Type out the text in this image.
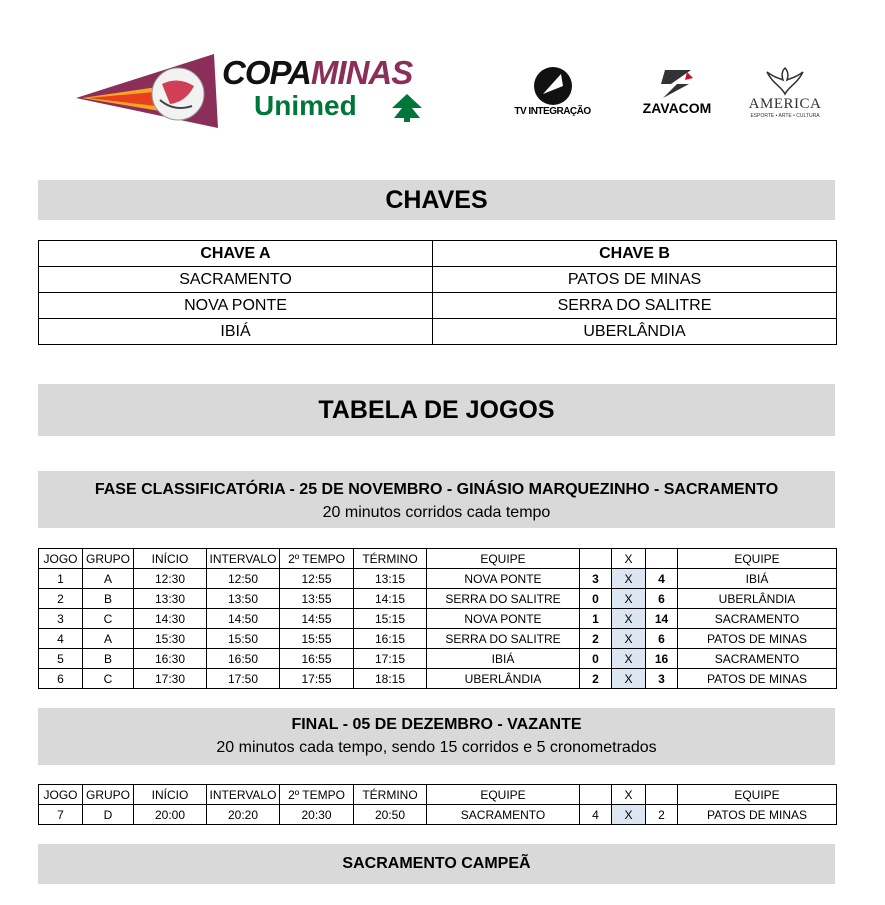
COPAMINAS
Unimed	TV INTEGRAÇÃO	ZAVACOM	AMERICA
ESPORTE • ARTE • CULTURA
CHAVES
CHAVE A	CHAVE B
SACRAMENTO	PATOS DE MINAS
NOVA PONTE	SERRA DO SALITRE
IBIÁ	UBERLÂNDIA
TABELA DE JOGOS
FASE CLASSIFICATÓRIA - 25 DE NOVEMBRO - GINÁSIO MARQUEZINHO - SACRAMENTO
20 minutos corridos cada tempo
JOGO	GRUPO	INÍCIO	INTERVALO	2º TEMPO	TÉRMINO	EQUIPE		X		EQUIPE
1	A	12:30	12:50	12:55	13:15	NOVA PONTE	3	X	4	IBIÁ
2	B	13:30	13:50	13:55	14:15	SERRA DO SALITRE	0	X	6	UBERLÂNDIA
3	C	14:30	14:50	14:55	15:15	NOVA PONTE	1	X	14	SACRAMENTO
4	A	15:30	15:50	15:55	16:15	SERRA DO SALITRE	2	X	6	PATOS DE MINAS
5	B	16:30	16:50	16:55	17:15	IBIÁ	0	X	16	SACRAMENTO
6	C	17:30	17:50	17:55	18:15	UBERLÂNDIA	2	X	3	PATOS DE MINAS
FINAL - 05 DE DEZEMBRO - VAZANTE
20 minutos cada tempo, sendo 15 corridos e 5 cronometrados
JOGO	GRUPO	INÍCIO	INTERVALO	2º TEMPO	TÉRMINO	EQUIPE		X		EQUIPE
7	D	20:00	20:20	20:30	20:50	SACRAMENTO	4	X	2	PATOS DE MINAS
SACRAMENTO CAMPEÃ
